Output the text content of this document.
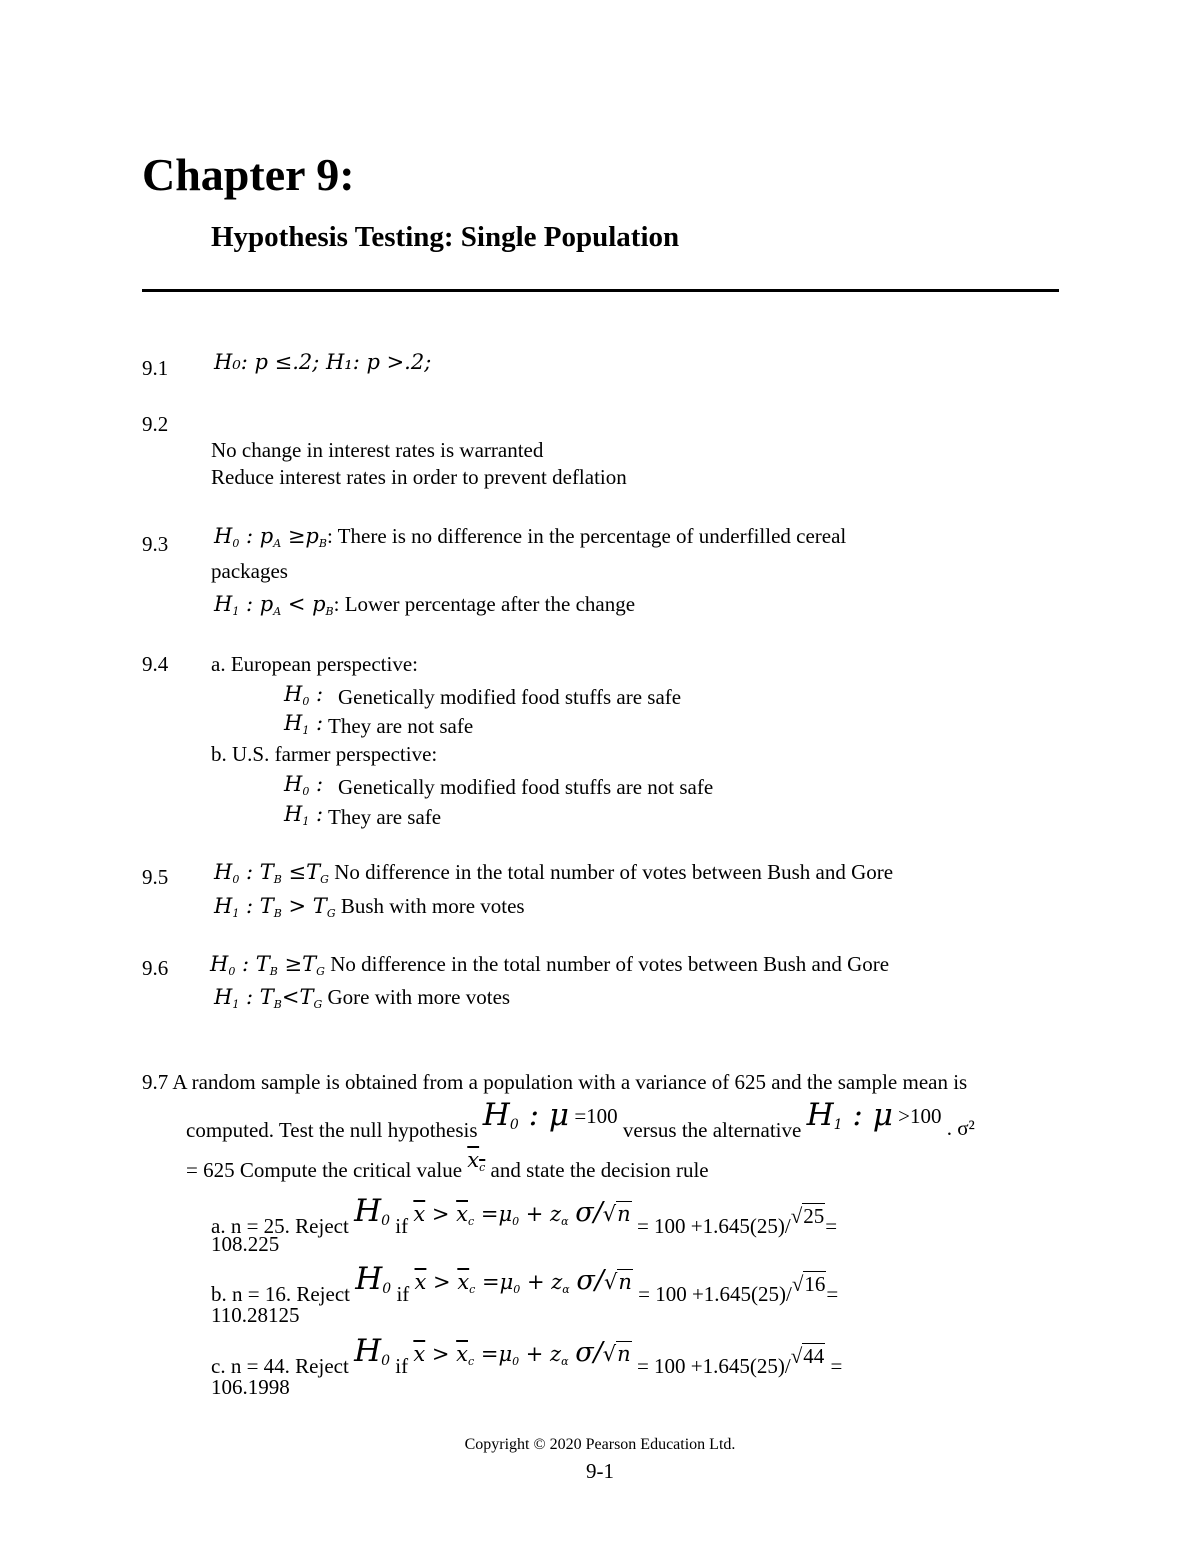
Chapter 9:
Hypothesis Testing: Single Population
9.1 H₀: p ≤.2; H₁: p >.2;
9.2
No change in interest rates is warranted
Reduce interest rates in order to prevent deflation
9.3 H0 : pA ≥pB: There is no difference in the percentage of underfilled cereal
packages
H1 : pA < pB: Lower percentage after the change
9.4 a. European perspective:
H0 : Genetically modified food stuffs are safe
H1 : They are not safe
b. U.S. farmer perspective:
H0 : Genetically modified food stuffs are not safe
H1 : They are safe
9.5 H0 : TB ≤TG No difference in the total number of votes between Bush and Gore
H1 : TB > TG Bush with more votes
9.6 H0 : TB ≥TG No difference in the total number of votes between Bush and Gore
H1 : TB<TG Gore with more votes
9.7 A random sample is obtained from a population with a variance of 625 and the sample mean is
computed. Test the null hypothesis H0 : μ =100 versus the alternative H1 : μ >100 . σ²
= 625 Compute the critical value xc and state the decision rule
a. n = 25. Reject H0 if $\overline{x} > \overline{x}c =\mu 0 + z\alpha$ σ/√n = 100 +1.645(25)/√25=
108.225
b. n = 16. Reject H0 if $\overline{x} > \overline{x}c =\mu 0 + z\alpha$ σ/√n = 100 +1.645(25)/√16=
110.28125
c. n = 44. Reject H0 if $\overline{x} > \overline{x}c =\mu 0 + z\alpha$ σ/√n = 100 +1.645(25)/√44 =
106.1998
Copyright © 2020 Pearson Education Ltd.
9-1
